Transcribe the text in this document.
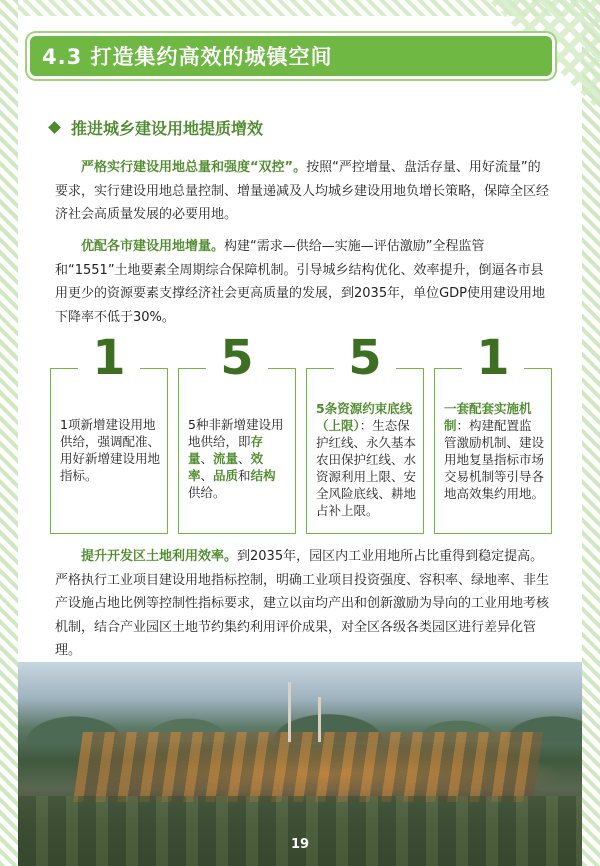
4.3 打造集约高效的城镇空间
推进城乡建设用地提质增效
严格实行建设用地总量和强度“双控”。按照“严控增量、盘活存量、用好流量”的要求，实行建设用地总量控制、增量递减及人均城乡建设用地负增长策略，保障全区经济社会高质量发展的必要用地。
优配各市建设用地增量。构建“需求—供给—实施—评估激励”全程监管和“1551”土地要素全周期综合保障机制。引导城乡结构优化、效率提升，倒逼各市县用更少的资源要素支撑经济社会更高质量的发展，到2035年，单位GDP使用建设用地下降率不低于30%。
1
1项新增建设用地供给，强调配准、用好新增建设用地指标。
5
5种非新增建设用地供给，即存量、流量、效率、品质和结构供给。
5
5条资源约束底线（上限）：生态保护红线、永久基本农田保护红线、水资源利用上限、安全风险底线、耕地占补上限。
1
一套配套实施机制：构建配置监管激励机制、建设用地复垦指标市场交易机制等引导各地高效集约用地。
提升开发区土地利用效率。到2035年，园区内工业用地所占比重得到稳定提高。严格执行工业项目建设用地指标控制，明确工业项目投资强度、容积率、绿地率、非生产设施占地比例等控制性指标要求，建立以亩均产出和创新激励为导向的工业用地考核机制，结合产业园区土地节约集约利用评价成果，对全区各级各类园区进行差异化管理。
19
